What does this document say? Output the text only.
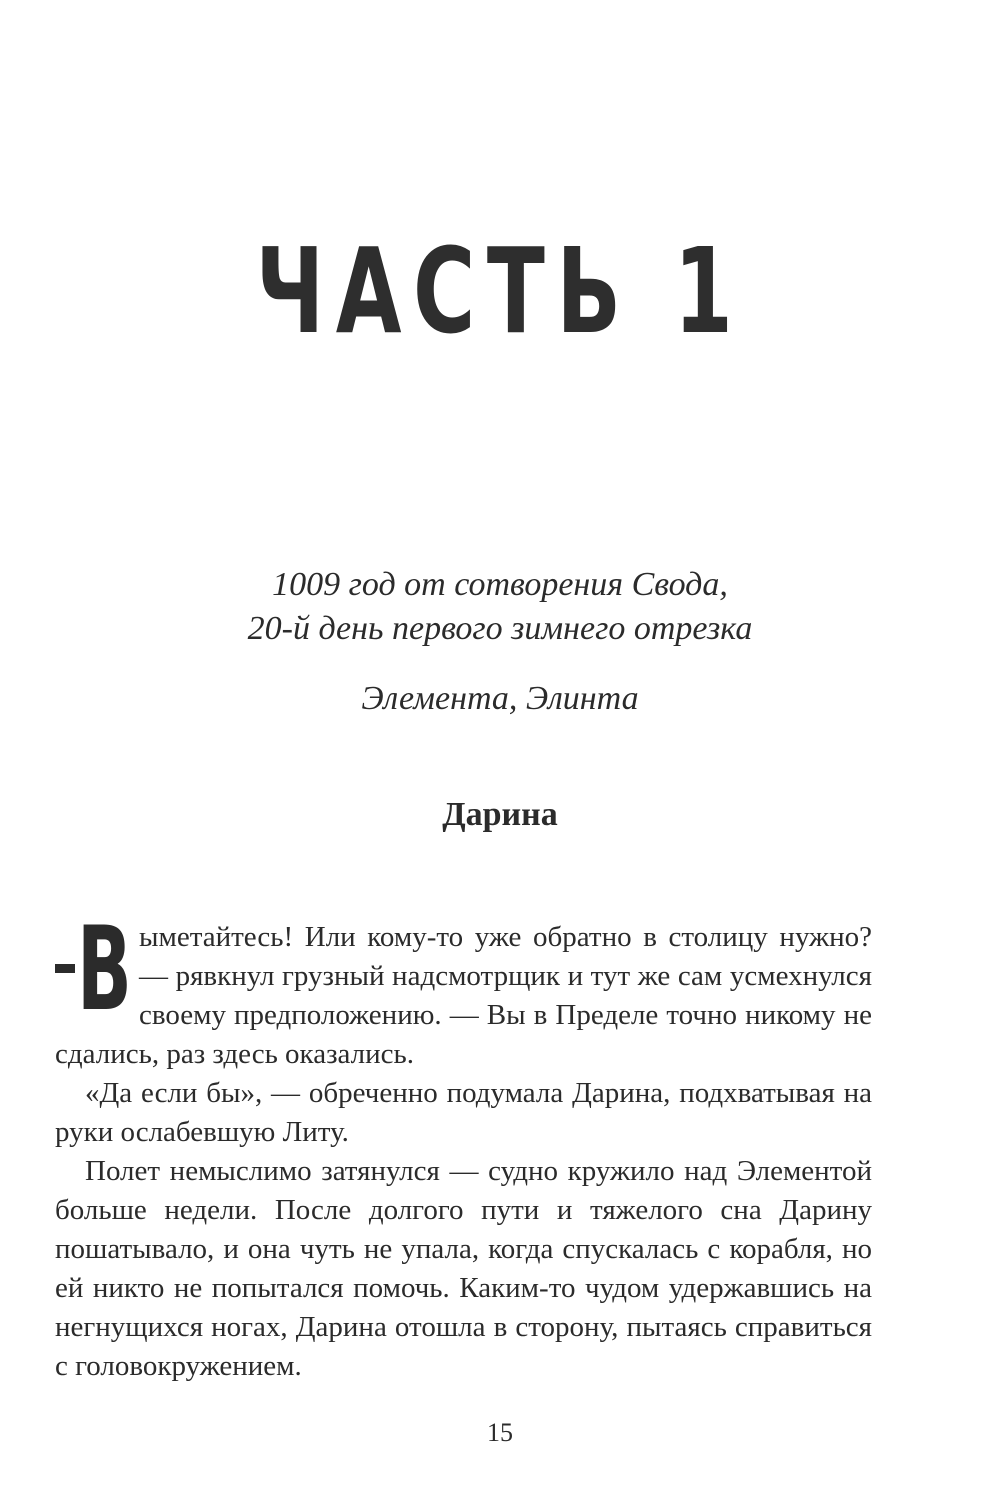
ЧАСТЬ 1
1009 год от сотворения Свода,
20-й день первого зимнего отрезка
Элемента, Элинта
Дарина

В ыметайтесь! Или кому-то уже обратно в столицу нужно? — рявкнул грузный надсмотрщик и тут же сам усмехнулся своему предположению. — Вы в Пределе точно никому не сдались, раз здесь оказались.

«Да если бы», — обреченно подумала Дарина, подхватывая на руки ослабевшую Литу.

Полет немыслимо затянулся — судно кружило над Элементой больше недели. После долгого пути и тяжелого сна Дарину пошатывало, и она чуть не упала, когда спускалась с корабля, но ей никто не попытался помочь. Каким-то чудом удержавшись на негнущихся ногах, Дарина отошла в сторону, пытаясь справиться с головокружением.

15
